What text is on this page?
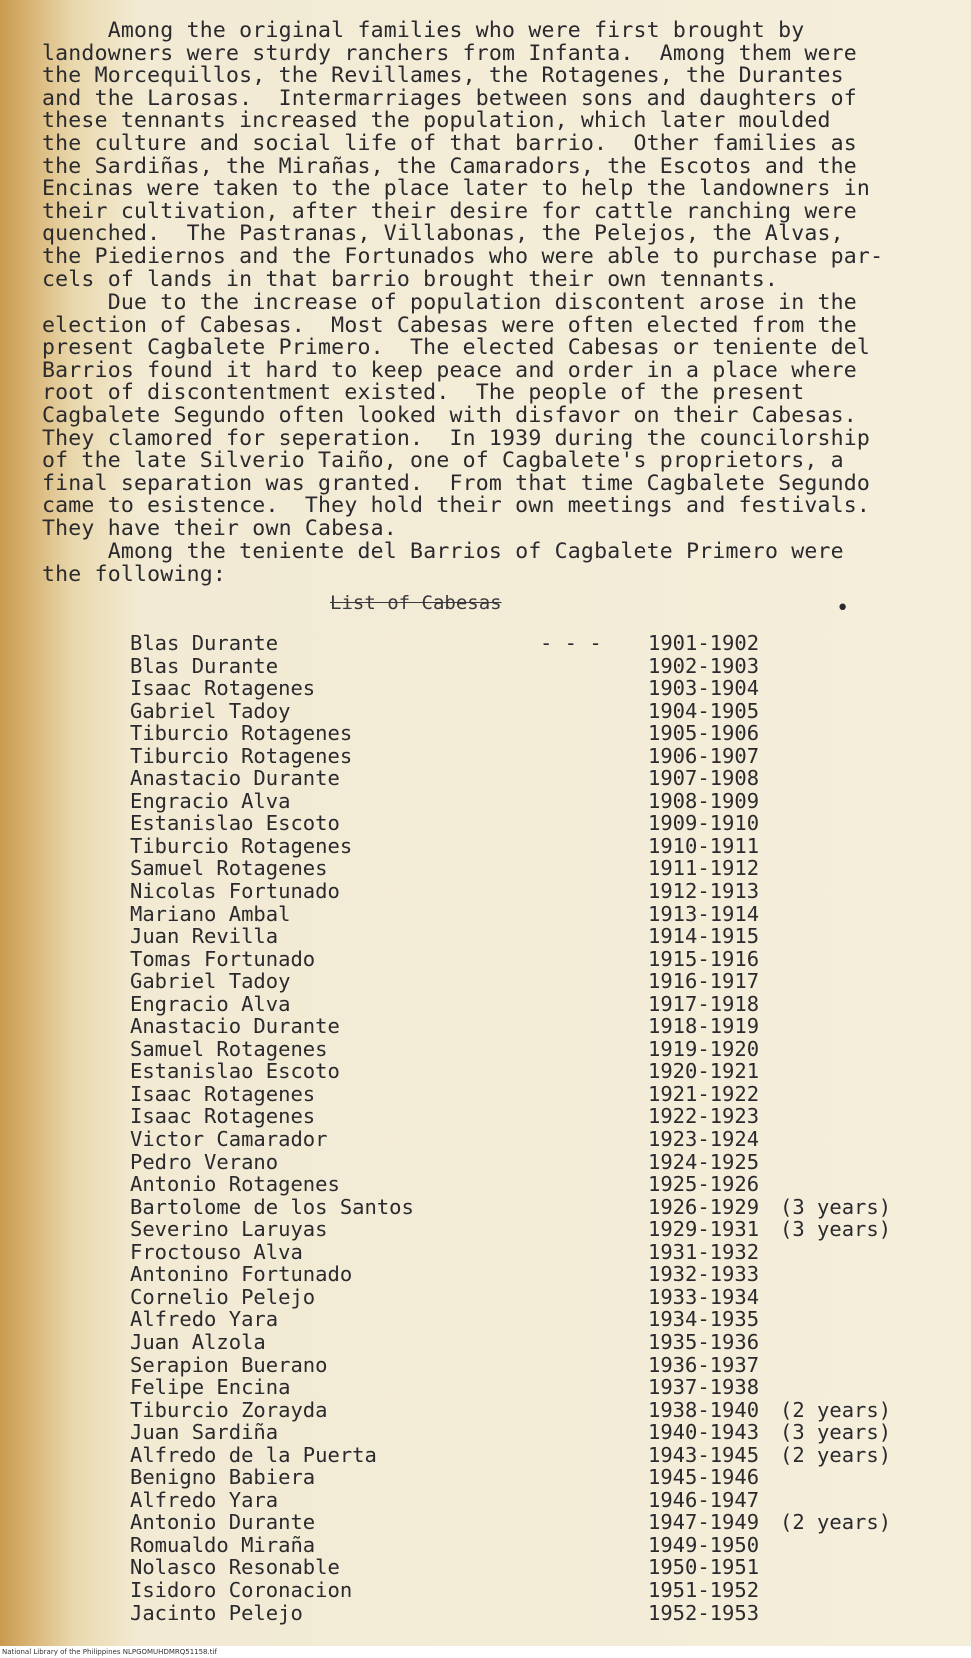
Among the original families who were first brought by
landowners were sturdy ranchers from Infanta.  Among them were
the Morcequillos, the Revillames, the Rotagenes, the Durantes
and the Larosas.  Intermarriages between sons and daughters of
these tennants increased the population, which later moulded
the culture and social life of that barrio.  Other families as
the Sardiñas, the Mirañas, the Camaradors, the Escotos and the
Encinas were taken to the place later to help the landowners in
their cultivation, after their desire for cattle ranching were
quenched.  The Pastranas, Villabonas, the Pelejos, the Alvas,
the Piediernos and the Fortunados who were able to purchase par-
cels of lands in that barrio brought their own tennants.
Due to the increase of population discontent arose in the
election of Cabesas.  Most Cabesas were often elected from the
present Cagbalete Primero.  The elected Cabesas or teniente del
Barrios found it hard to keep peace and order in a place where
root of discontentment existed.  The people of the present
Cagbalete Segundo often looked with disfavor on their Cabesas.
They clamored for seperation.  In 1939 during the councilorship
of the late Silverio Taiño, one of Cagbalete's proprietors, a
final separation was granted.  From that time Cagbalete Segundo
came to esistence.  They hold their own meetings and festivals.
They have their own Cabesa.
Among the teniente del Barrios of Cagbalete Primero were
the following:
List of Cabesas	•
Blas Durante	- - - 1901-1902
Blas Durante	1902-1903
Isaac Rotagenes	1903-1904
Gabriel Tadoy	1904-1905
Tiburcio Rotagenes	1905-1906
Tiburcio Rotagenes	1906-1907
Anastacio Durante	1907-1908
Engracio Alva	1908-1909
Estanislao Escoto	1909-1910
Tiburcio Rotagenes	1910-1911
Samuel Rotagenes	1911-1912
Nicolas Fortunado	1912-1913
Mariano Ambal	1913-1914
Juan Revilla	1914-1915
Tomas Fortunado	1915-1916
Gabriel Tadoy	1916-1917
Engracio Alva	1917-1918
Anastacio Durante	1918-1919
Samuel Rotagenes	1919-1920
Estanislao Escoto	1920-1921
Isaac Rotagenes	1921-1922
Isaac Rotagenes	1922-1923
Victor Camarador	1923-1924
Pedro Verano	1924-1925
Antonio Rotagenes	1925-1926
Bartolome de los Santos	1926-1929 (3 years)
Severino Laruyas	1929-1931 (3 years)
Froctouso Alva	1931-1932
Antonino Fortunado	1932-1933
Cornelio Pelejo	1933-1934
Alfredo Yara	1934-1935
Juan Alzola	1935-1936
Serapion Buerano	1936-1937
Felipe Encina	1937-1938
Tiburcio Zorayda	1938-1940 (2 years)
Juan Sardiña	1940-1943 (3 years)
Alfredo de la Puerta	1943-1945 (2 years)
Benigno Babiera	1945-1946
Alfredo Yara	1946-1947
Antonio Durante	1947-1949 (2 years)
Romualdo Miraña	1949-1950
Nolasco Resonable	1950-1951
Isidoro Coronacion	1951-1952
Jacinto Pelejo	1952-1953
National Library of the Philippines NLPGOMUHDMRQ51158.tif
